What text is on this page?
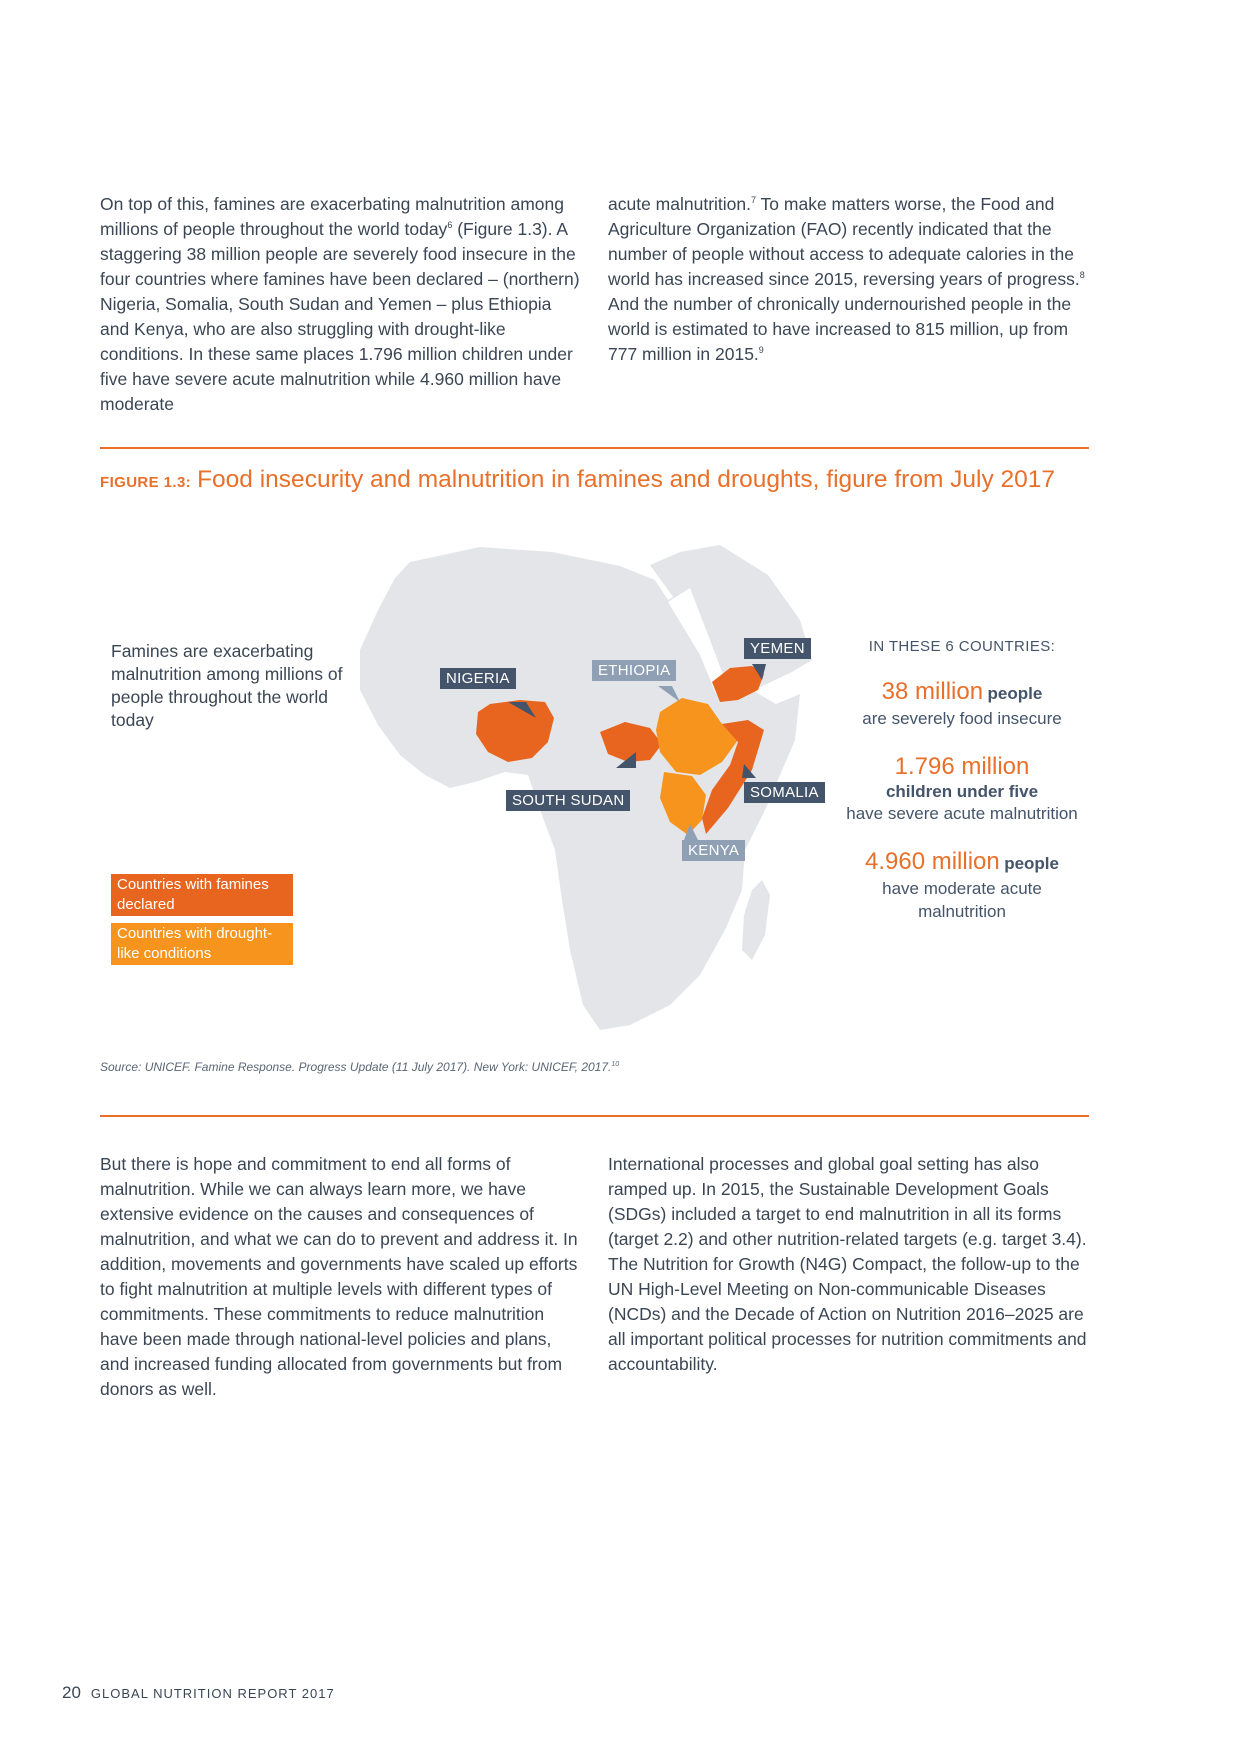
On top of this, famines are exacerbating malnutrition among millions of people throughout the world today$^6$ (Figure 1.3). A staggering 38 million people are severely food insecure in the four countries where famines have been declared – (northern) Nigeria, Somalia, South Sudan and Yemen – plus Ethiopia and Kenya, who are also struggling with drought-like conditions. In these same places 1.796 million children under five have severe acute malnutrition while 4.960 million have moderate

acute malnutrition.$^7$ To make matters worse, the Food and Agriculture Organization (FAO) recently indicated that the number of people without access to adequate calories in the world has increased since 2015, reversing years of progress.$^8$ And the number of chronically undernourished people in the world is estimated to have increased to 815 million, up from 777 million in 2015.$^9$

FIGURE 1.3: Food insecurity and malnutrition in famines and droughts, figure from July 2017
Famines are exacerbating malnutrition among millions of people throughout the world today
NIGERIA	ETHIOPIA
YEMEN
SOUTH SUDAN	SOMALIA
KENYA
Countries with famines declared
Countries with drought-like conditions
IN THESE 6 COUNTRIES:
38 million people
are severely food insecure
1.796 million
children under five
have severe acute malnutrition
4.960 million people
have moderate acute malnutrition
Source: UNICEF. Famine Response. Progress Update (11 July 2017). New York: UNICEF, 2017.10

But there is hope and commitment to end all forms of malnutrition. While we can always learn more, we have extensive evidence on the causes and consequences of malnutrition, and what we can do to prevent and address it. In addition, movements and governments have scaled up efforts to fight malnutrition at multiple levels with different types of commitments. These commitments to reduce malnutrition have been made through national-level policies and plans, and increased funding allocated from governments but from donors as well.

International processes and global goal setting has also ramped up. In 2015, the Sustainable Development Goals (SDGs) included a target to end malnutrition in all its forms (target 2.2) and other nutrition-related targets (e.g. target 3.4). The Nutrition for Growth (N4G) Compact, the follow-up to the UN High-Level Meeting on Non-communicable Diseases (NCDs) and the Decade of Action on Nutrition 2016–2025 are all important political processes for nutrition commitments and accountability.

20 GLOBAL NUTRITION REPORT 2017
